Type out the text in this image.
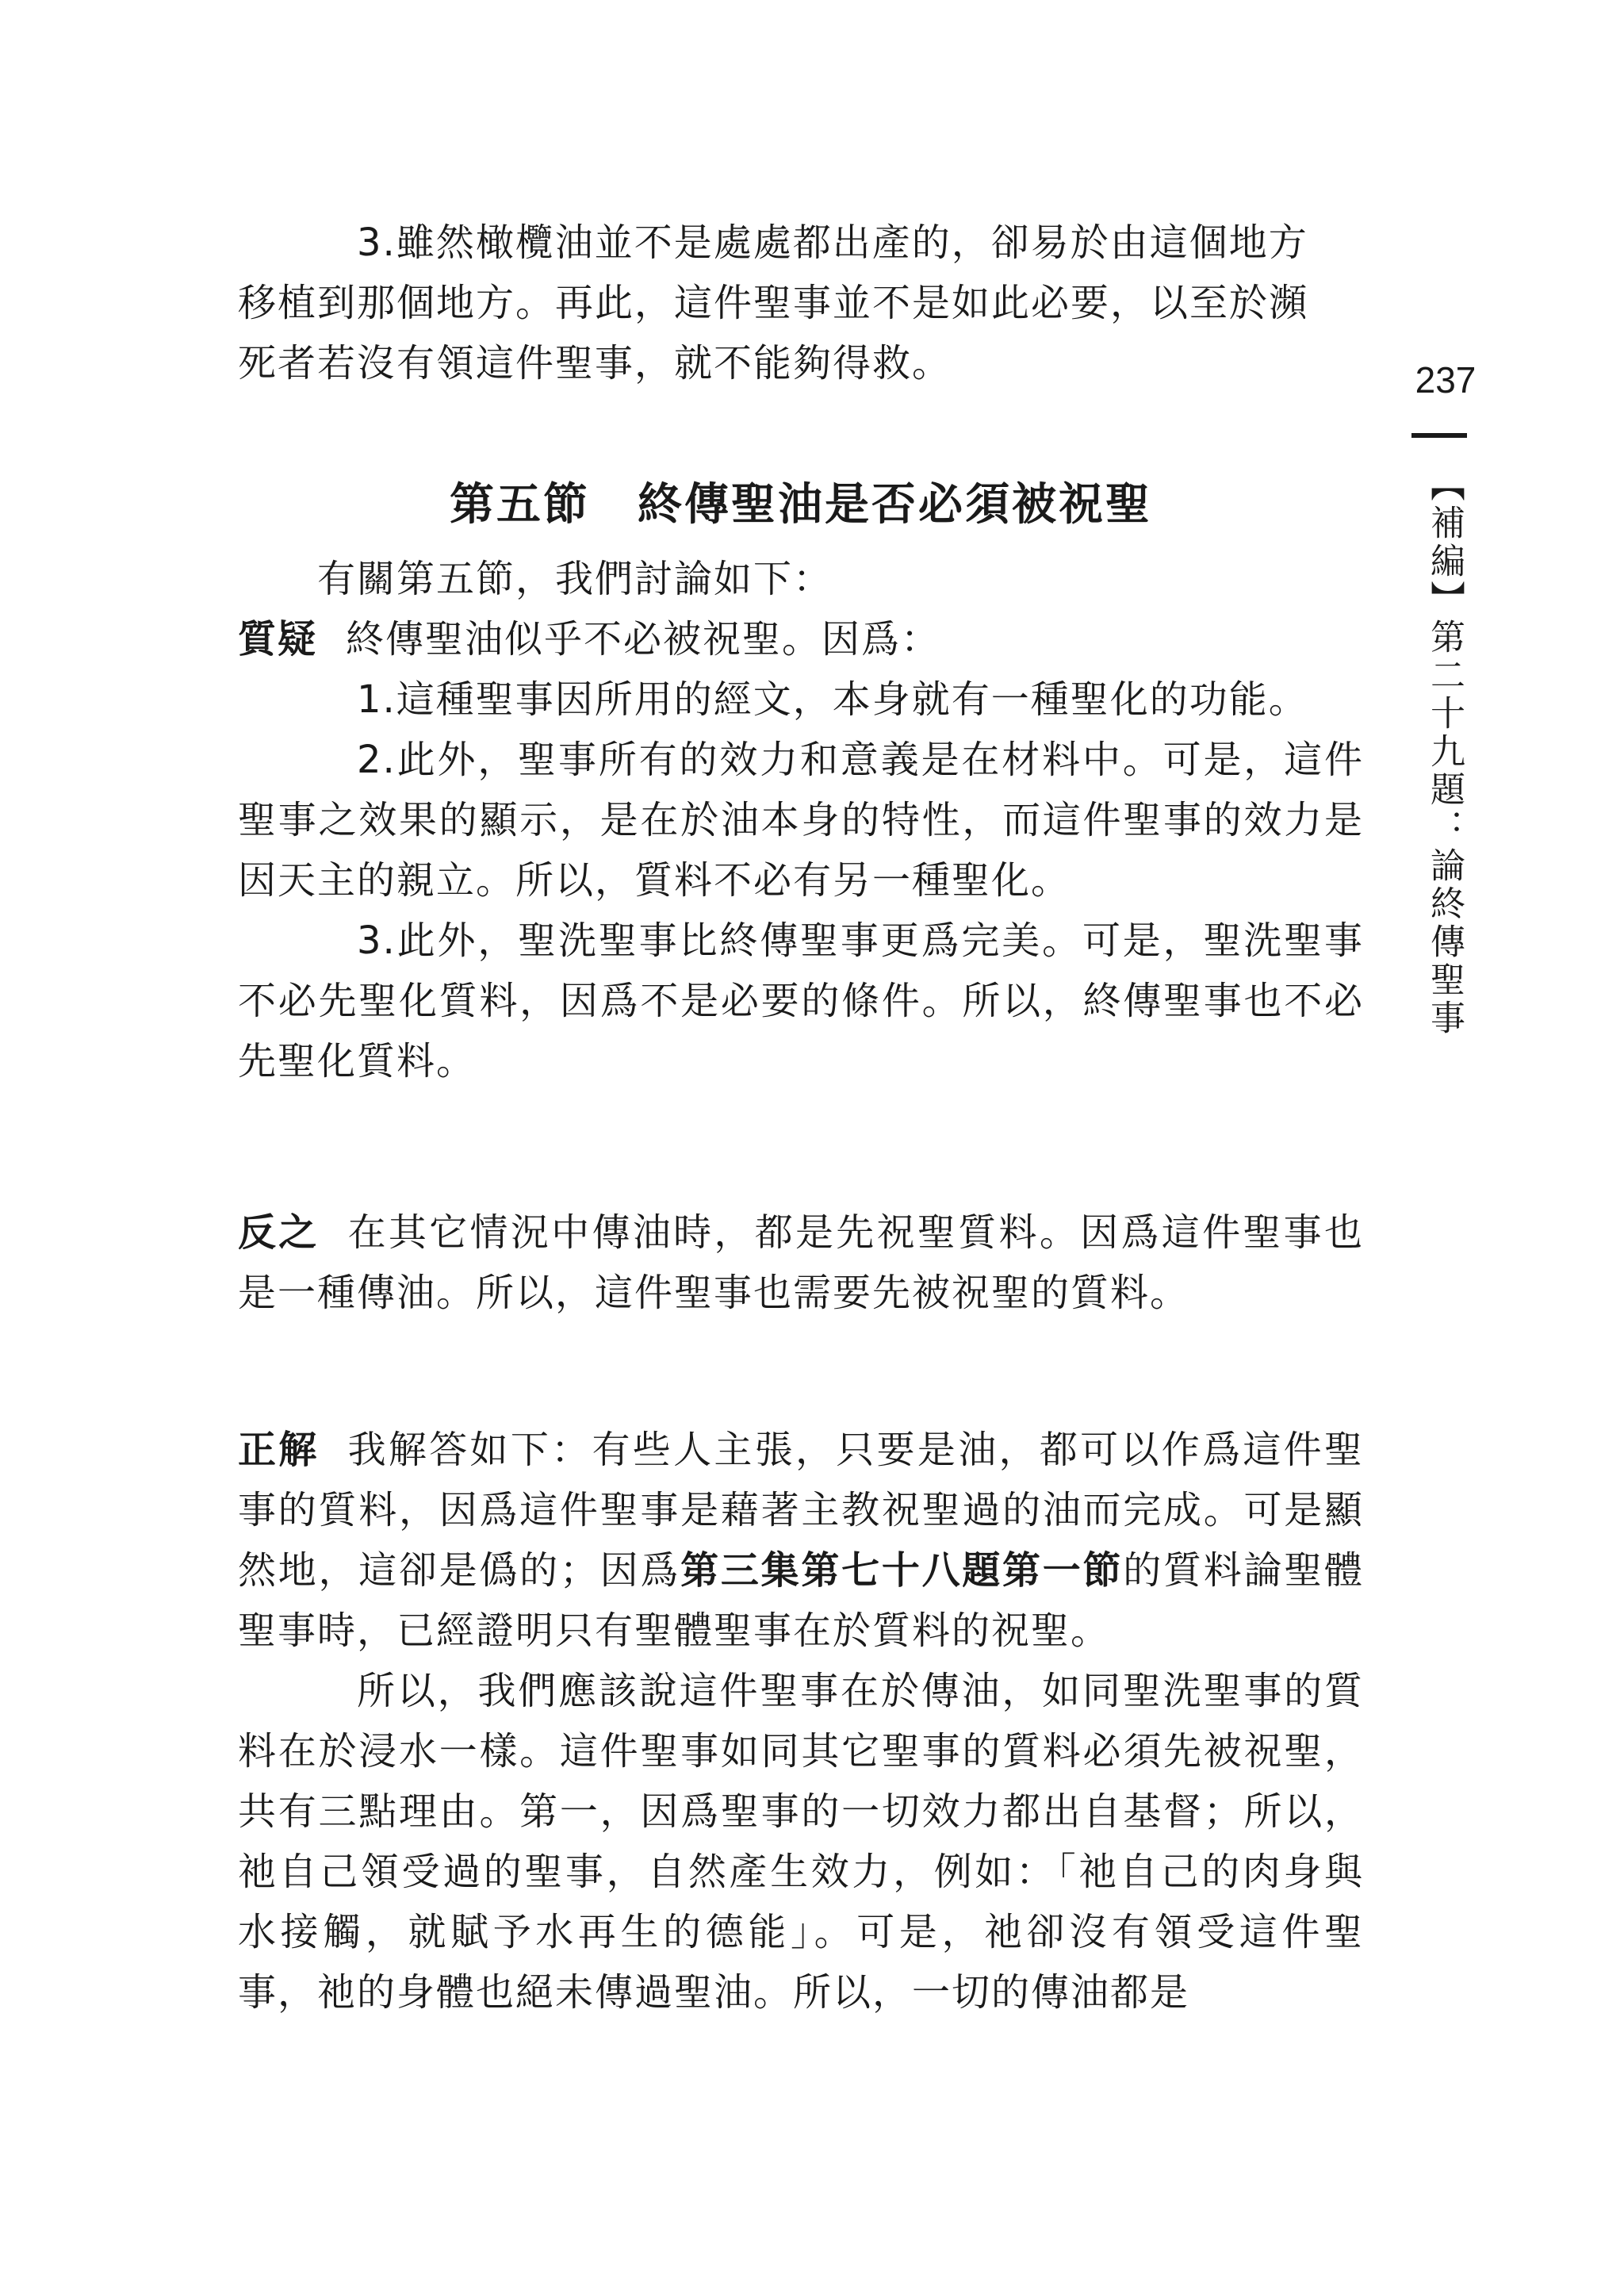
3.雖然橄欖油並不是處處都出產的，卻易於由這個地方

移植到那個地方。再此，這件聖事並不是如此必要，以至於瀕

死者若沒有領這件聖事，就不能夠得救。

第五節 終傳聖油是否必須被祝聖

有關第五節，我們討論如下：

質疑 終傳聖油似乎不必被祝聖。因爲：

1.這種聖事因所用的經文，本身就有一種聖化的功能。

2.此外，聖事所有的效力和意義是在材料中。可是，這件聖事之效果的顯示，是在於油本身的特性，而這件聖事的效力是因天主的親立。所以，質料不必有另一種聖化。

3.此外，聖洗聖事比終傳聖事更爲完美。可是，聖洗聖事不必先聖化質料，因爲不是必要的條件。所以，終傳聖事也不必先聖化質料。

反之 在其它情況中傳油時，都是先祝聖質料。因爲這件聖事也是一種傳油。所以，這件聖事也需要先被祝聖的質料。

正解 我解答如下：有些人主張，只要是油，都可以作爲這件聖事的質料，因爲這件聖事是藉著主教祝聖過的油而完成。可是顯然地，這卻是僞的；因爲第三集第七十八題第一節的質料論聖體聖事時，已經證明只有聖體聖事在於質料的祝聖。

所以，我們應該說這件聖事在於傳油，如同聖洗聖事的質料在於浸水一樣。這件聖事如同其它聖事的質料必須先被祝聖，共有三點理由。第一，因爲聖事的一切效力都出自基督；所以，祂自己領受過的聖事，自然產生效力，例如：「祂自己的肉身與水接觸，就賦予水再生的德能」。可是，祂卻沒有領受這件聖事，祂的身體也絕未傳過聖油。所以，一切的傳油都是

237
【補編】第二十九題：論終傳聖事
